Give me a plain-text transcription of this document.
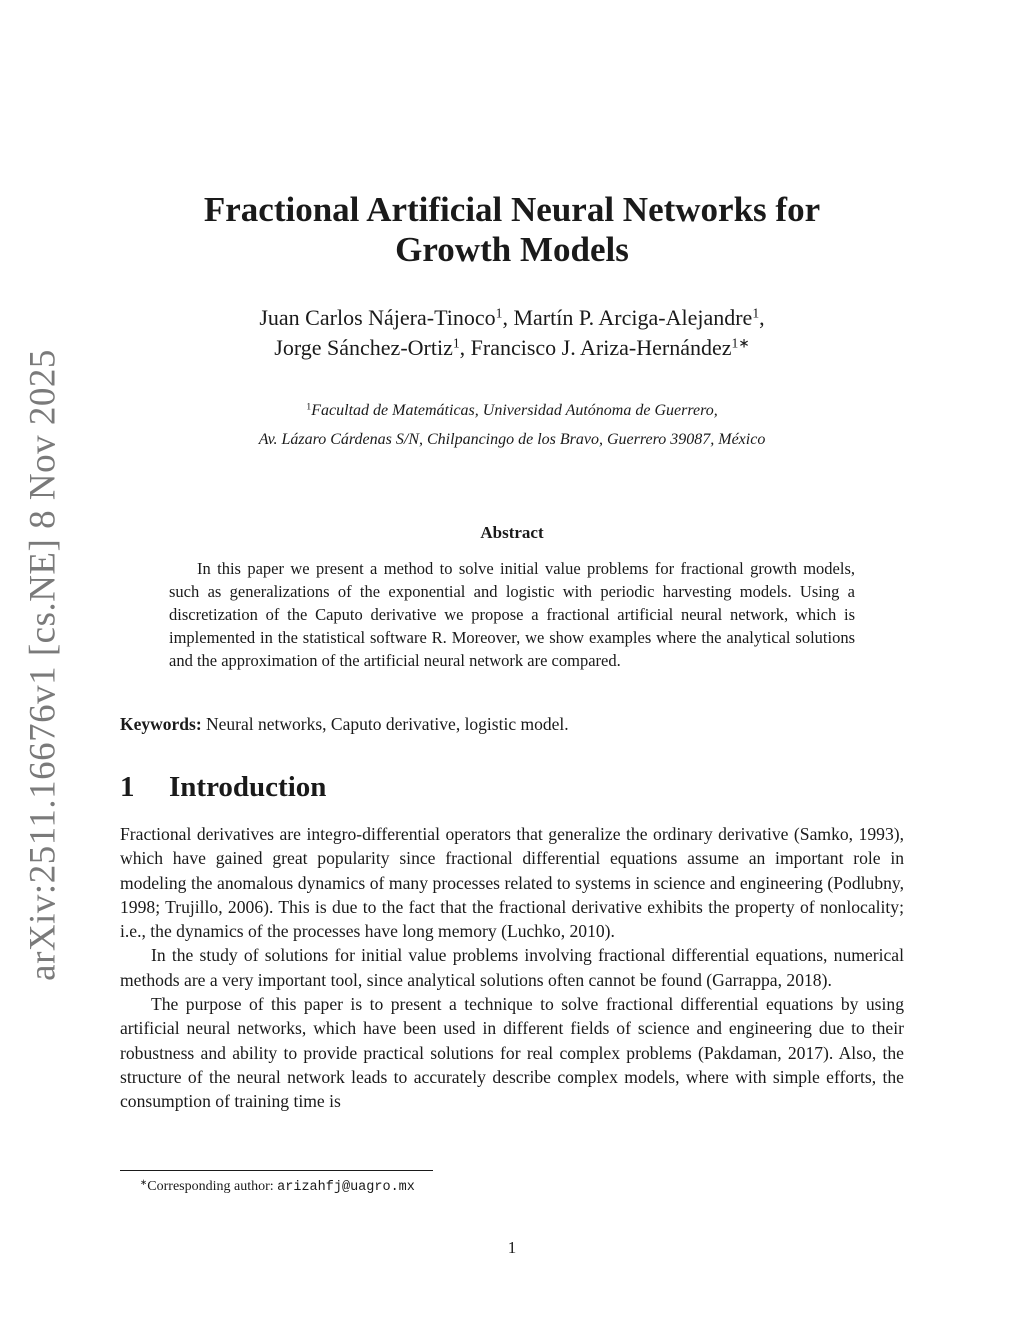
arXiv:2511.16676v1 [cs.NE] 8 Nov 2025
Fractional Artificial Neural Networks for
Growth Models
Juan Carlos Nájera-Tinoco$^1$, Martín P. Arciga-Alejandre$^1$,
Jorge Sánchez-Ortiz$^1$, Francisco J. Ariza-Hernández$^{1∗}$
$^1$Facultad de Matemáticas, Universidad Autónoma de Guerrero,
Av. Lázaro Cárdenas S/N, Chilpancingo de los Bravo, Guerrero 39087, México
Abstract

In this paper we present a method to solve initial value problems for fractional growth models, such as generalizations of the exponential and logistic with periodic harvesting models. Using a discretization of the Caputo derivative we propose a fractional artificial neural network, which is implemented in the statistical software R. Moreover, we show examples where the analytical solutions and the approximation of the artificial neural network are compared.

Keywords: Neural networks, Caputo derivative, logistic model.

1 Introduction

Fractional derivatives are integro-differential operators that generalize the ordinary derivative (Samko, 1993), which have gained great popularity since fractional differential equations assume an important role in modeling the anomalous dynamics of many processes related to systems in science and engineering (Podlubny, 1998; Trujillo, 2006). This is due to the fact that the fractional derivative exhibits the property of nonlocality; i.e., the dynamics of the processes have long memory (Luchko, 2010).

In the study of solutions for initial value problems involving fractional differential equations, numerical methods are a very important tool, since analytical solutions often cannot be found (Garrappa, 2018).

The purpose of this paper is to present a technique to solve fractional differential equations by using artificial neural networks, which have been used in different fields of science and engineering due to their robustness and ability to provide practical solutions for real complex problems (Pakdaman, 2017). Also, the structure of the neural network leads to accurately describe complex models, where with simple efforts, the consumption of training time is

∗Corresponding author: arizahfj@uagro.mx
1
